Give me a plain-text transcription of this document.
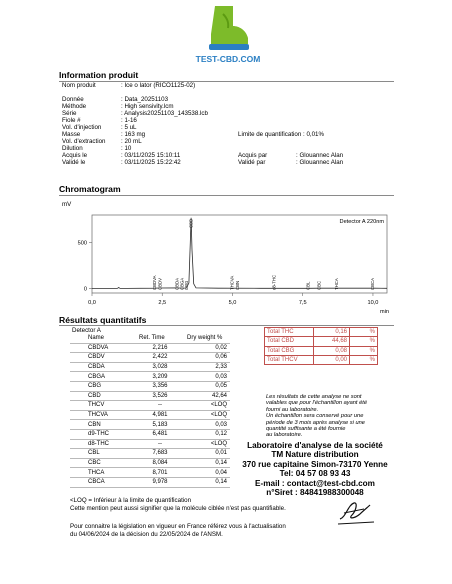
TEST-CBD.COM
Information produit
Nom produit	: Ice o lator (RICO1125-02)
Donnée	: Data_20251103
Méthode	: High sensivity.lcm
Série	: Analysis20251103_143538.lcb
Fiole #	: 1-16
Vol. d'injection	: 5 uL
Masse	: 163 mg	Limite de quantification : 0,01%
Vol. d'extraction	: 20 mL
Dilution	: 10
Acquis le	: 03/11/2025 15:10:11	Acquis par	: Glouannec Alan
Validé le	: 03/11/2025 15:22:42	Validé par	: Glouannec Alan
Chromatogram
mV
CBDVA CBDV	CBDA CBGA CBG
CBD
THCVA CBN	d8-THC	CBL CBC	THCA	CBCA
0,0	2,5	5,0	7,5	10,0
0
500
Detector A 220nm
min
Résultats quantitatifs
Detector A
Name	Ret. Time	Dry weight %
CBDVA	2,216	0,02
CBDV	2,422	0,06
CBDA	3,028	2,33
CBGA	3,209	0,03
CBG	3,356	0,05
CBD	3,526	42,64
THCV	--	<LOQ
THCVA	4,981	<LOQ
CBN	5,183	0,03
d9-THC	6,481	0,12
d8-THC	--	<LOQ
CBL	7,683	0,01
CBC	8,084	0,14
THCA	8,701	0,04
CBCA	9,978	0,14
Total THC	0,16	%
Total CBD	44,68	%
Total CBG	0,08	%
Total THCV	0,00	%
Les résultats de cette analyse ne sont
valables que pour l'échantillon ayant été
fourni au laboratoire.
Un échantillon sera conservé pour une
période de 3 mois après analyse si une
quantité suffisante a été fournie
au laboratoire.
Laboratoire d'analyse de la société
TM Nature distribution
370 rue capitaine Simon-73170 Yenne
Tel: 04 57 08 93 43
E-mail : contact@test-cbd.com
n°Siret : 84841988300048
<LOQ = Inférieur à la limite de quantification
Cette mention peut aussi signifier que la molécule ciblée n'est pas quantifiable.
Pour connaitre la législation en vigueur en France référez vous à l'actualisation
du 04/06/2024 de la décision du 22/05/2024 de l'ANSM.
